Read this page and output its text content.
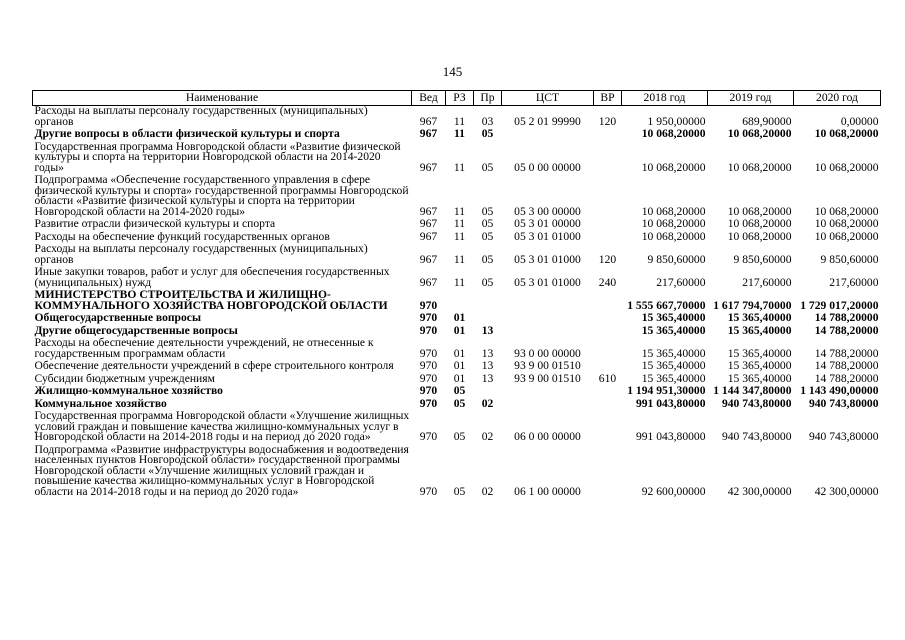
145
Наименование	Вед	РЗ	Пр	ЦСТ	ВР	2018 год	2019 год	2020 год
Расходы на выплаты персоналу государственных (муниципальных) органов	967	11	03	05 2 01 99990	120	1 950,00000	689,90000	0,00000
Другие вопросы в области физической культуры и спорта	967	11	05			10 068,20000	10 068,20000	10 068,20000
Государственная программа Новгородской области «Развитие физической культуры и спорта на территории Новгородской области на 2014-2020 годы»	967	11	05	05 0 00 00000		10 068,20000	10 068,20000	10 068,20000
Подпрограмма «Обеспечение государственного управления в сфере физической культуры и спорта» государственной программы Новгородской области «Развитие физической культуры и спорта на территории Новгородской области на 2014-2020 годы»	967	11	05	05 3 00 00000		10 068,20000	10 068,20000	10 068,20000
Развитие отрасли физической культуры и спорта	967	11	05	05 3 01 00000		10 068,20000	10 068,20000	10 068,20000
Расходы на обеспечение функций государственных органов	967	11	05	05 3 01 01000		10 068,20000	10 068,20000	10 068,20000
Расходы на выплаты персоналу государственных (муниципальных) органов	967	11	05	05 3 01 01000	120	9 850,60000	9 850,60000	9 850,60000
Иные закупки товаров, работ и услуг для обеспечения государственных (муниципальных) нужд	967	11	05	05 3 01 01000	240	217,60000	217,60000	217,60000
МИНИСТЕРСТВО СТРОИТЕЛЬСТВА И ЖИЛИЩНО-КОММУНАЛЬНОГО ХОЗЯЙСТВА НОВГОРОДСКОЙ ОБЛАСТИ	970					1 555 667,70000	1 617 794,70000	1 729 017,20000
Общегосударственные вопросы	970	01				15 365,40000	15 365,40000	14 788,20000
Другие общегосударственные вопросы	970	01	13			15 365,40000	15 365,40000	14 788,20000
Расходы на обеспечение деятельности учреждений, не отнесенные к государственным программам области	970	01	13	93 0 00 00000		15 365,40000	15 365,40000	14 788,20000
Обеспечение деятельности учреждений в сфере строительного контроля	970	01	13	93 9 00 01510		15 365,40000	15 365,40000	14 788,20000
Субсидии бюджетным учреждениям	970	01	13	93 9 00 01510	610	15 365,40000	15 365,40000	14 788,20000
Жилищно-коммунальное хозяйство	970	05				1 194 951,30000	1 144 347,80000	1 143 490,00000
Коммунальное хозяйство	970	05	02			991 043,80000	940 743,80000	940 743,80000
Государственная программа Новгородской области «Улучшение жилищных условий граждан и повышение качества жилищно-коммунальных услуг в Новгородской области на 2014-2018 годы и на период до 2020 года»	970	05	02	06 0 00 00000		991 043,80000	940 743,80000	940 743,80000
Подпрограмма «Развитие инфраструктуры водоснабжения и водоотведения населенных пунктов Новгородской области» государственной программы Новгородской области «Улучшение жилищных условий граждан и повышение качества жилищно-коммунальных услуг в Новгородской области на 2014-2018 годы и на период до 2020 года»	970	05	02	06 1 00 00000		92 600,00000	42 300,00000	42 300,00000
